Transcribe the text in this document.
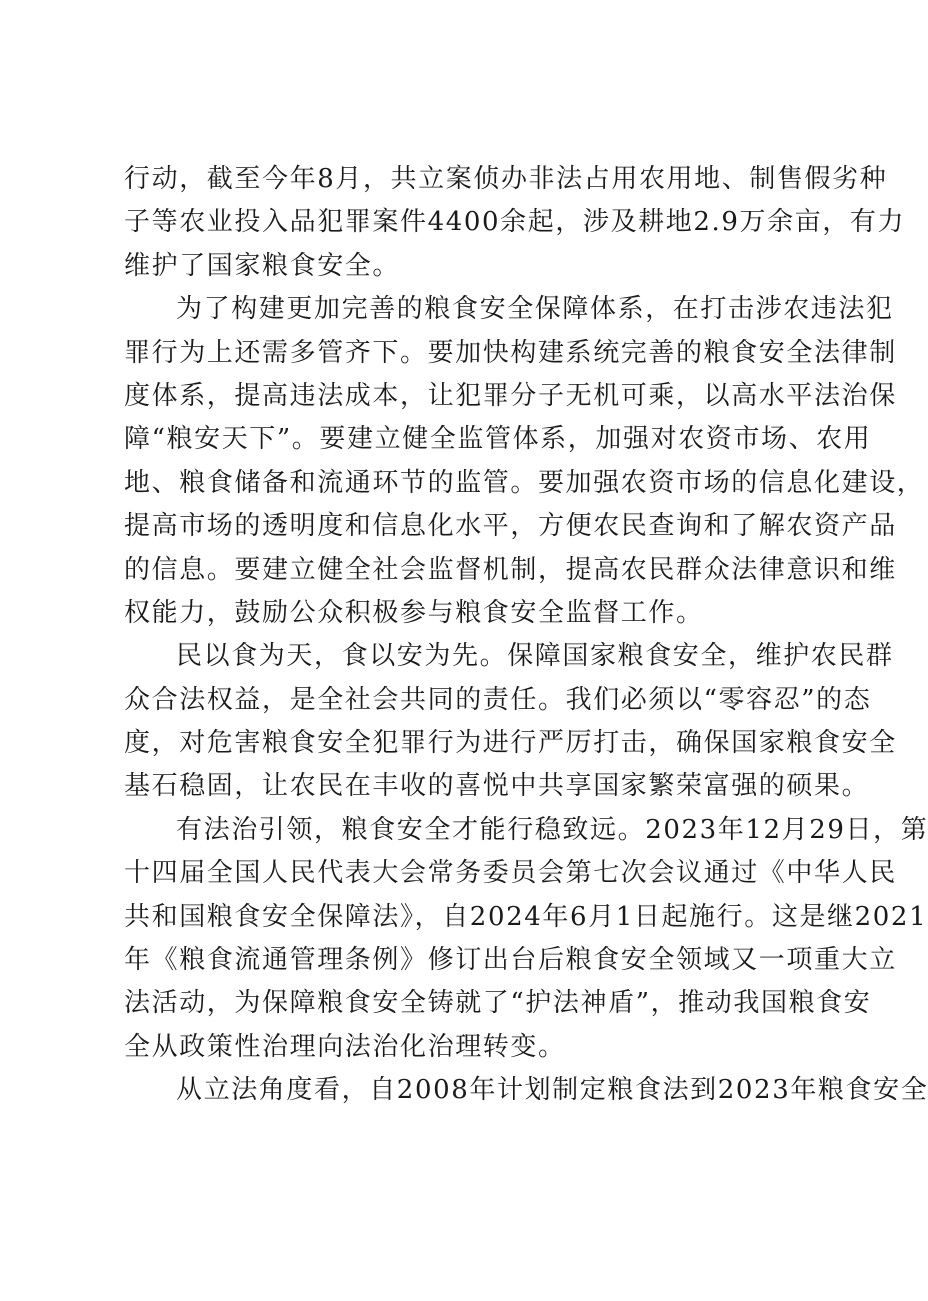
行动，截至今年8月，共立案侦办非法占用农用地、制售假劣种
子等农业投入品犯罪案件4400余起，涉及耕地2.9万余亩，有力
维护了国家粮食安全。
为了构建更加完善的粮食安全保障体系，在打击涉农违法犯
罪行为上还需多管齐下。要加快构建系统完善的粮食安全法律制
度体系，提高违法成本，让犯罪分子无机可乘，以高水平法治保
障“粮安天下”。要建立健全监管体系，加强对农资市场、农用
地、粮食储备和流通环节的监管。要加强农资市场的信息化建设，
提高市场的透明度和信息化水平，方便农民查询和了解农资产品
的信息。要建立健全社会监督机制，提高农民群众法律意识和维
权能力，鼓励公众积极参与粮食安全监督工作。
民以食为天，食以安为先。保障国家粮食安全，维护农民群
众合法权益，是全社会共同的责任。我们必须以“零容忍”的态
度，对危害粮食安全犯罪行为进行严厉打击，确保国家粮食安全
基石稳固，让农民在丰收的喜悦中共享国家繁荣富强的硕果。
有法治引领，粮食安全才能行稳致远。2023年12月29日，第
十四届全国人民代表大会常务委员会第七次会议通过《中华人民
共和国粮食安全保障法》，自2024年6月1日起施行。这是继2021
年《粮食流通管理条例》修订出台后粮食安全领域又一项重大立
法活动，为保障粮食安全铸就了“护法神盾”，推动我国粮食安
全从政策性治理向法治化治理转变。
从立法角度看，自2008年计划制定粮食法到2023年粮食安全
